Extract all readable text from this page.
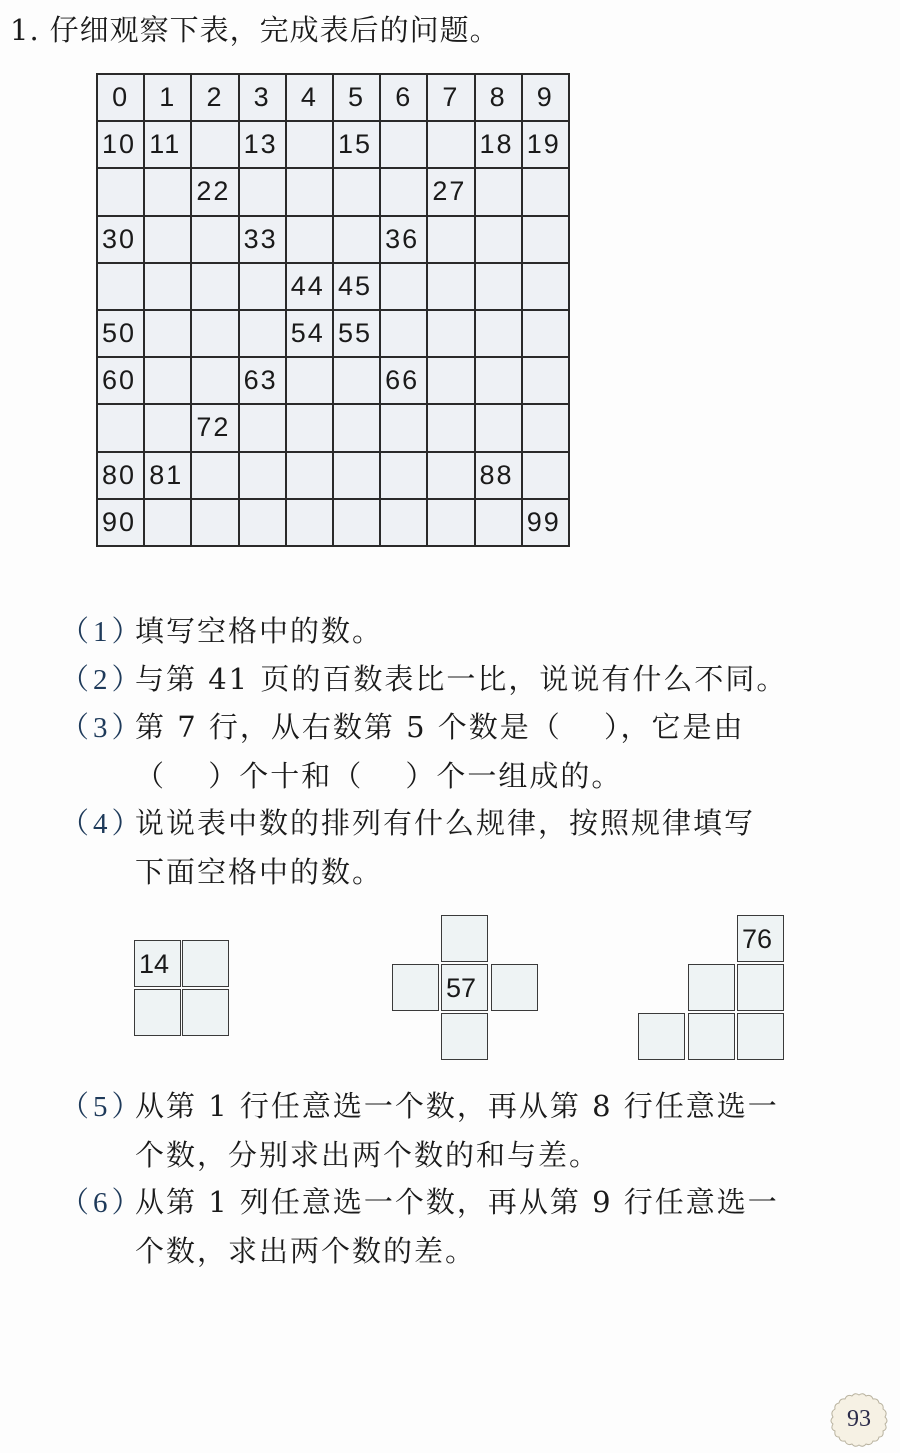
1. 仔细观察下表，完成表后的问题。
0	1	2	3	4	5	6	7	8	9
10	11		13		15			18	19
		22					27		
30			33			36			
				44	45				
50				54	55				
60			63			66			
		72							
80	81							88	
90									99
（1）填写空格中的数。
（2）与第 41 页的百数表比一比，说说有什么不同。
（3）第 7 行，从右数第 5 个数是（　 ），它是由
（　 ）个十和（　 ）个一组成的。
（4）说说表中数的排列有什么规律，按照规律填写
下面空格中的数。
14
57
76
（5）从第 1 行任意选一个数，再从第 8 行任意选一
个数，分别求出两个数的和与差。
（6）从第 1 列任意选一个数，再从第 9 行任意选一
个数，求出两个数的差。
93
